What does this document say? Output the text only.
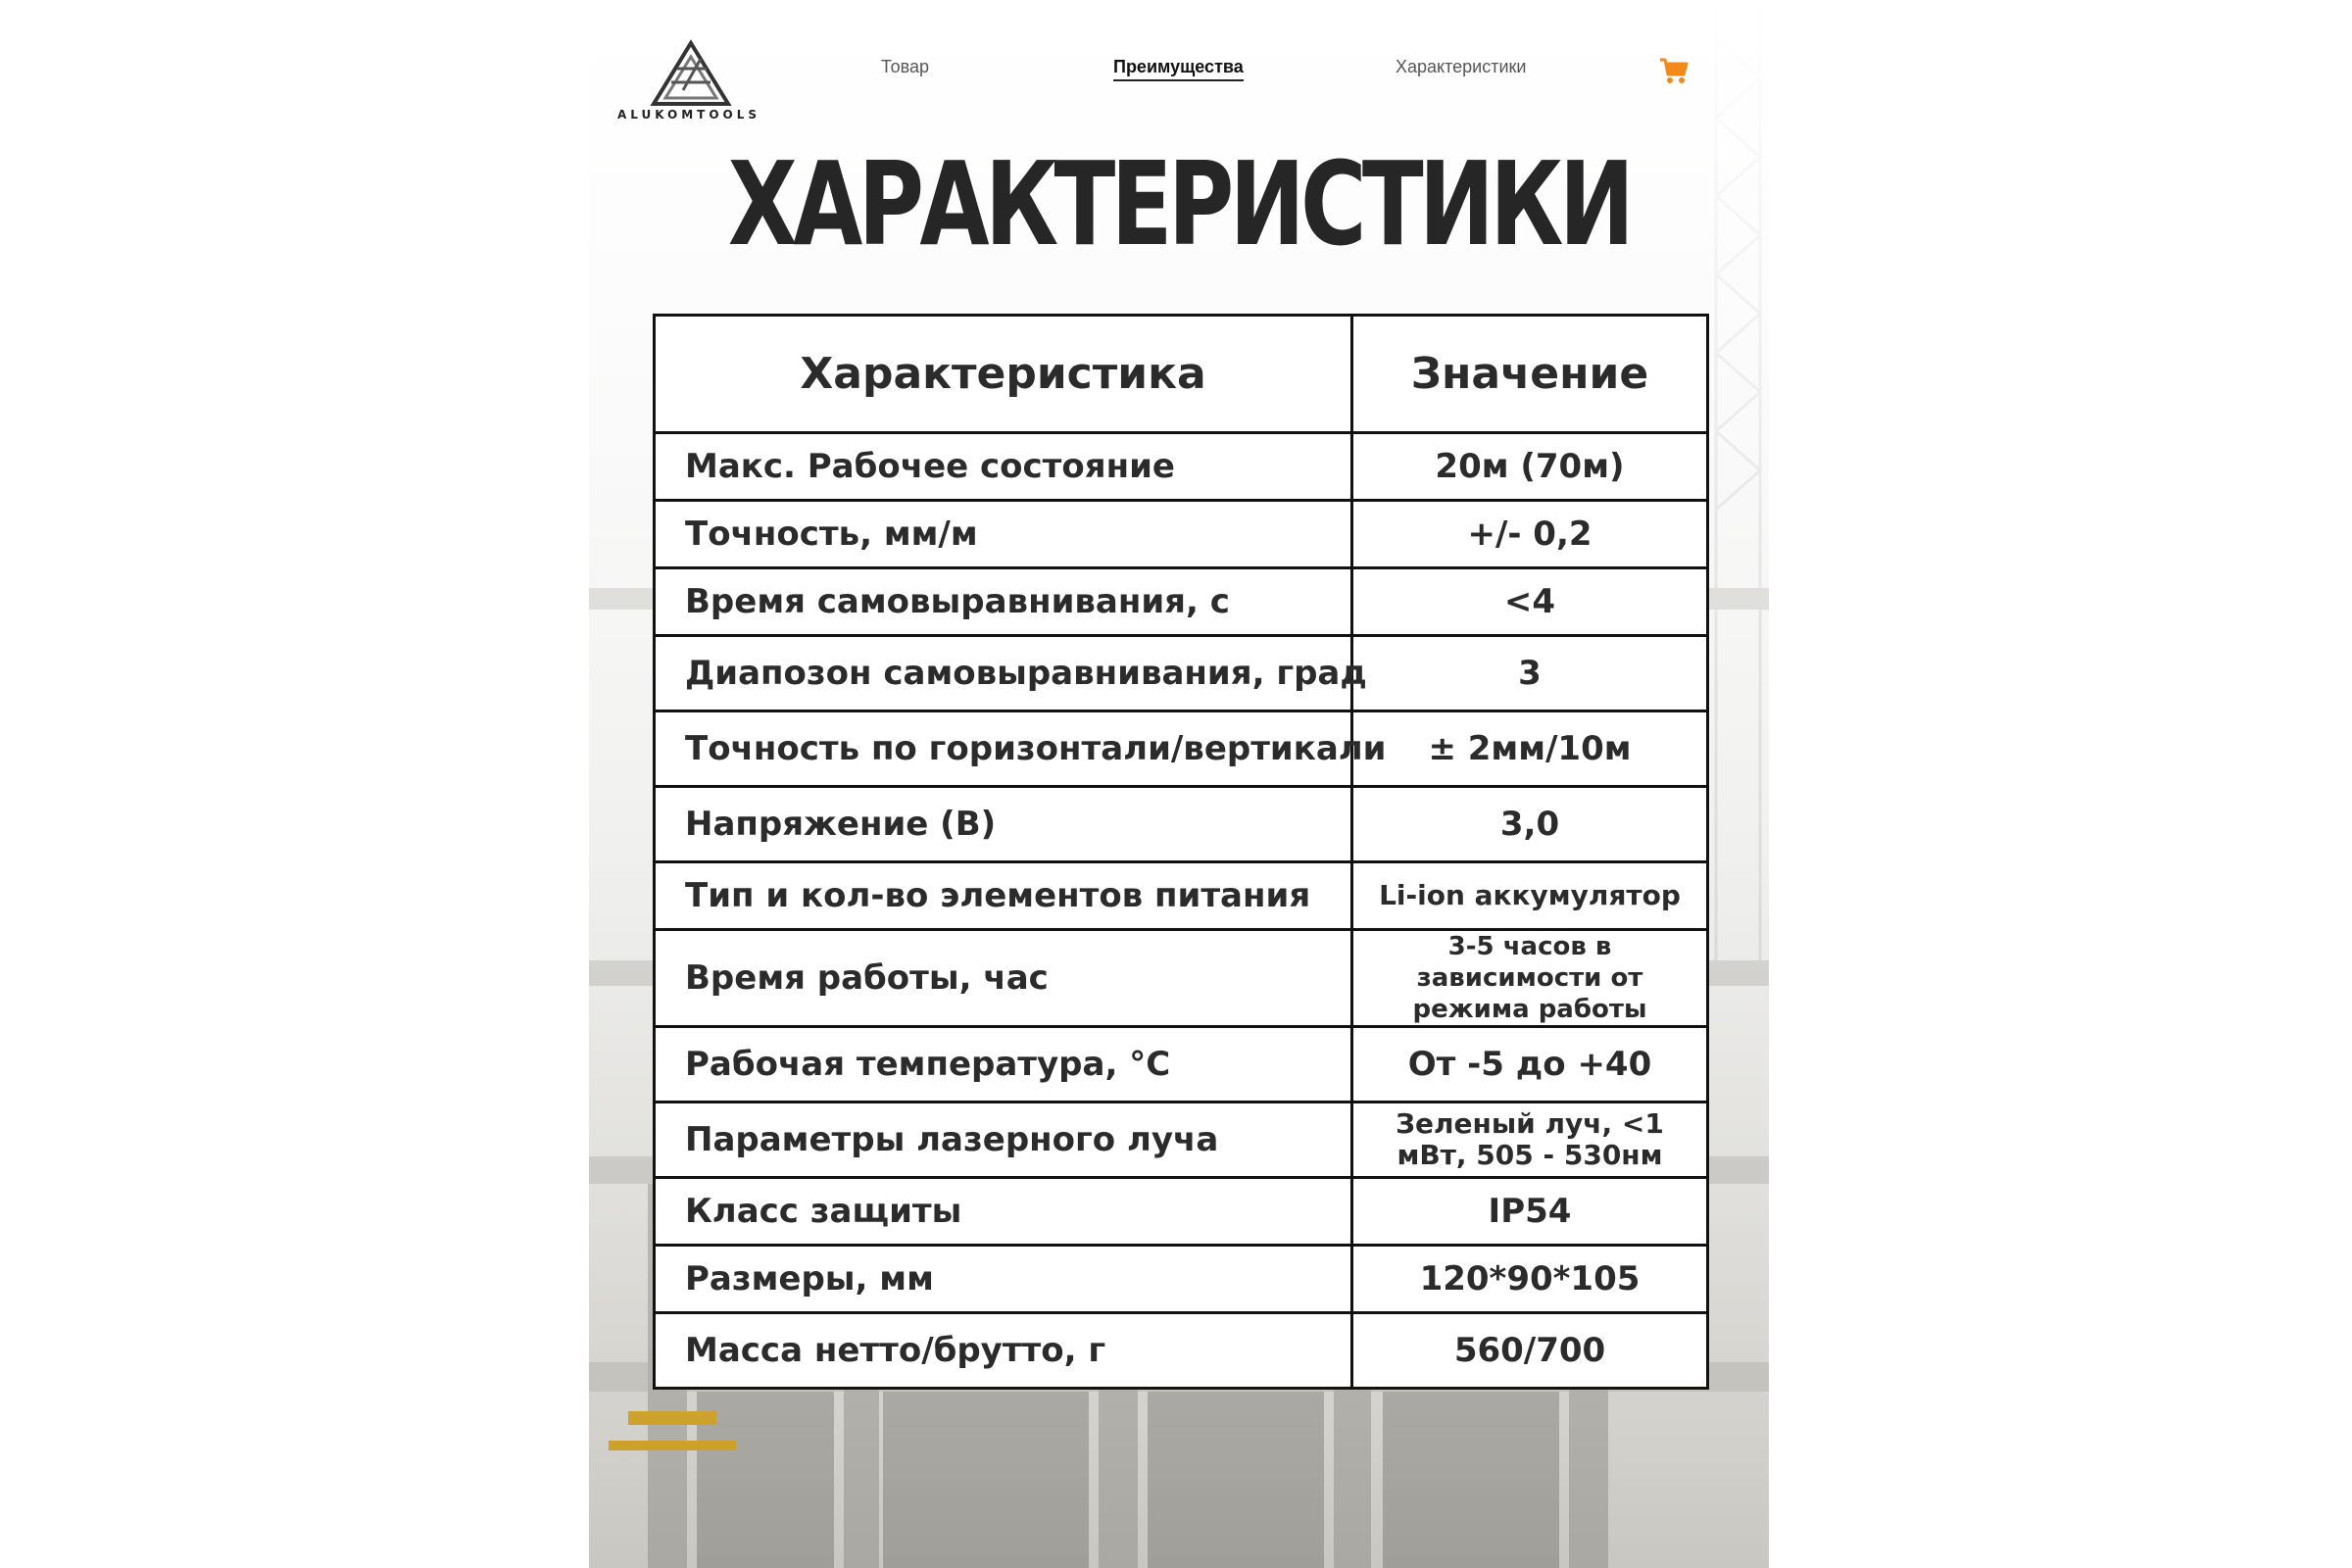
ALUKOMTOOLS
Товар	Преимущества	Характеристики
ХАРАКТЕРИСТИКИ
Характеристика	Значение
Макс. Рабочее состояние	20м (70м)
Точность, мм/м	+/- 0,2
Время самовыравнивания, с	<4
Диапозон самовыравнивания, град	3
Точность по горизонтали/вертикали	± 2мм/10м
Напряжение (В)	3,0
Тип и кол-во элементов питания	Li-ion аккумулятор
Время работы, час	3-5 часов в зависимости от режима работы
Рабочая температура, °C	От -5 до +40
Параметры лазерного луча	Зеленый луч, <1 мВт, 505 - 530нм
Класс защиты	IP54
Размеры, мм	120*90*105
Масса нетто/брутто, г	560/700
